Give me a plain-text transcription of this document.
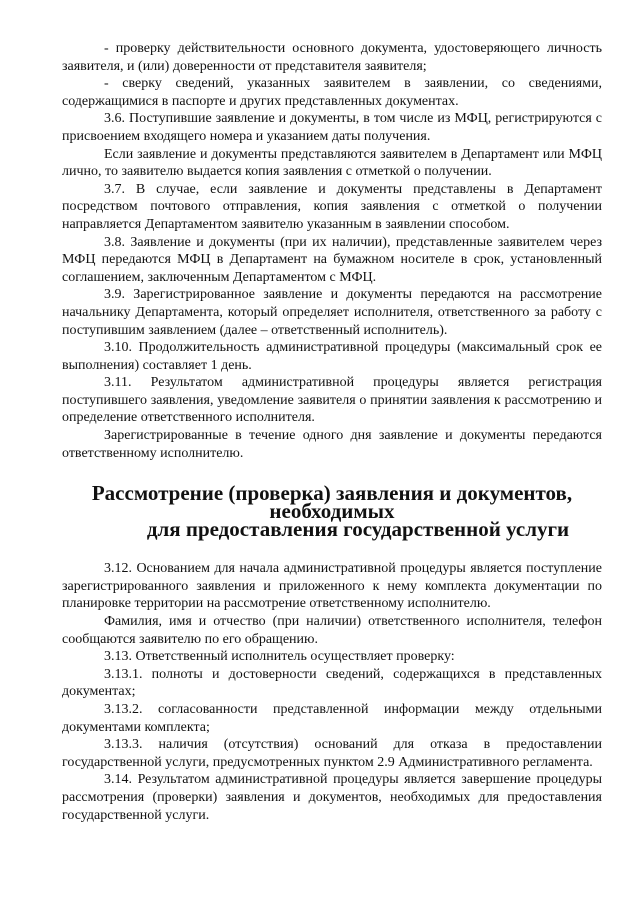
- проверку действительности основного документа, удостоверяющего личность заявителя, и (или) доверенности от представителя заявителя;

- сверку сведений, указанных заявителем в заявлении, со сведениями, содержащимися в паспорте и других представленных документах.

3.6. Поступившие заявление и документы, в том числе из МФЦ, регистрируются с присвоением входящего номера и указанием даты получения.

Если заявление и документы представляются заявителем в Департамент или МФЦ лично, то заявителю выдается копия заявления с отметкой о получении.

3.7. В случае, если заявление и документы представлены в Департамент посредством почтового отправления, копия заявления с отметкой о получении направляется Департаментом заявителю указанным в заявлении способом.

3.8. Заявление и документы (при их наличии), представленные заявителем через МФЦ передаются МФЦ в Департамент на бумажном носителе в срок, установленный соглашением, заключенным Департаментом с МФЦ.

3.9. Зарегистрированное заявление и документы передаются на рассмотрение начальнику Департамента, который определяет исполнителя, ответственного за работу с поступившим заявлением (далее – ответственный исполнитель).

3.10. Продолжительность административной процедуры (максимальный срок ее выполнения) составляет 1 день.

3.11. Результатом административной процедуры является регистрация поступившего заявления, уведомление заявителя о принятии заявления к рассмотрению и определение ответственного исполнителя.

Зарегистрированные в течение одного дня заявление и документы передаются ответственному исполнителю.

Рассмотрение (проверка) заявления и документов, необходимых
для предоставления государственной услуги

3.12. Основанием для начала административной процедуры является поступление зарегистрированного заявления и приложенного к нему комплекта документации по планировке территории на рассмотрение ответственному исполнителю.

Фамилия, имя и отчество (при наличии) ответственного исполнителя, телефон сообщаются заявителю по его обращению.

3.13. Ответственный исполнитель осуществляет проверку:

3.13.1. полноты и достоверности сведений, содержащихся в представленных документах;

3.13.2. согласованности представленной информации между отдельными документами комплекта;

3.13.3. наличия (отсутствия) оснований для отказа в предоставлении государственной услуги, предусмотренных пунктом 2.9 Административного регламента.

3.14. Результатом административной процедуры является завершение процедуры рассмотрения (проверки) заявления и документов, необходимых для предоставления государственной услуги.
